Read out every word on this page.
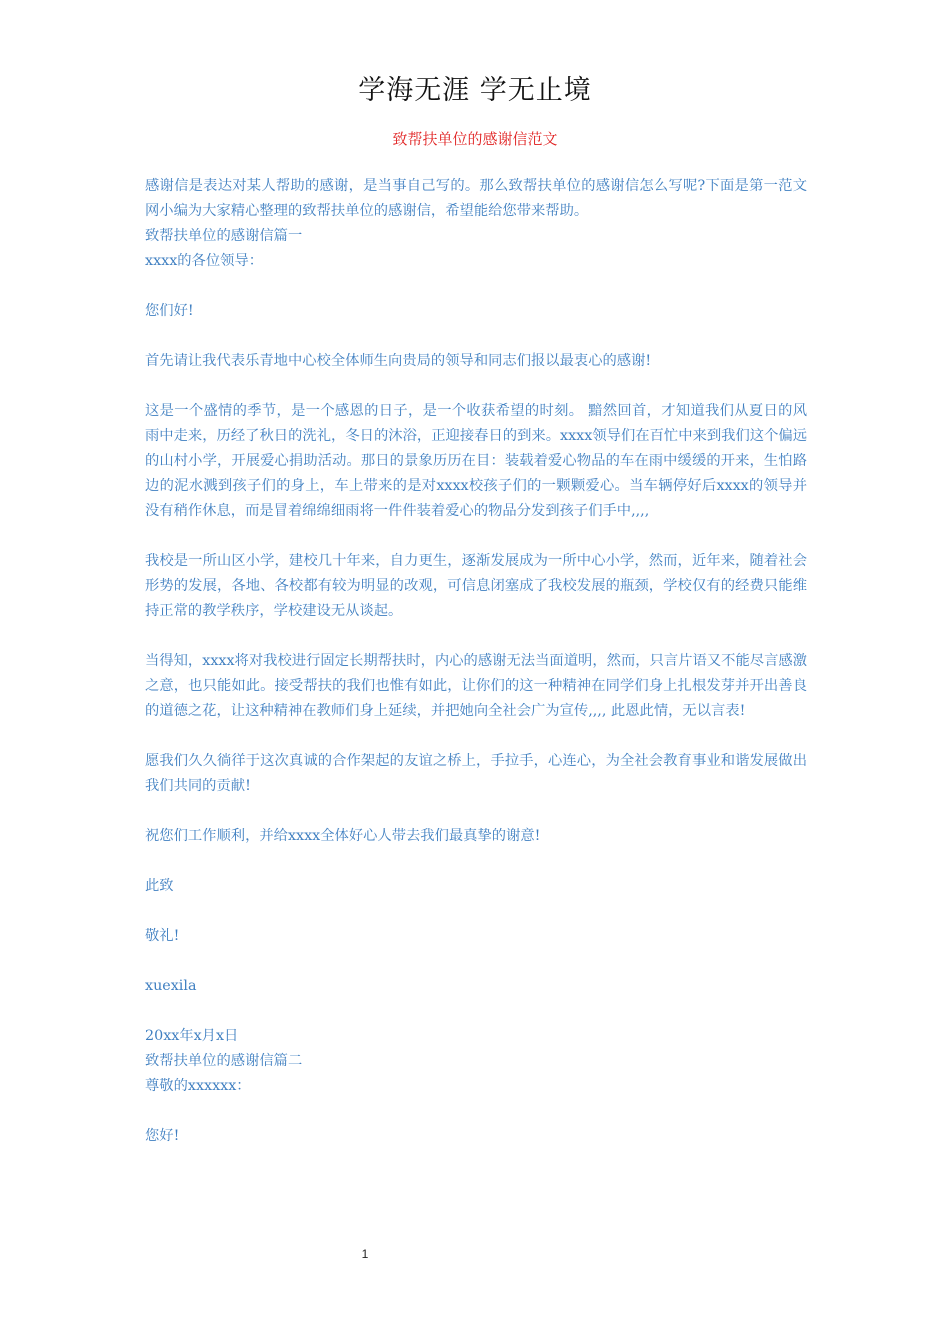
学海无涯 学无止境
致帮扶单位的感谢信范文

感谢信是表达对某人帮助的感谢，是当事自己写的。那么致帮扶单位的感谢信怎么写呢?下面是第一范文网小编为大家精心整理的致帮扶单位的感谢信，希望能给您带来帮助。

致帮扶单位的感谢信篇一

xxxx的各位领导：

您们好!

首先请让我代表乐青地中心校全体师生向贵局的领导和同志们报以最衷心的感谢!

这是一个盛情的季节，是一个感恩的日子，是一个收获希望的时刻。 黯然回首，才知道我们从夏日的风雨中走来，历经了秋日的洗礼，冬日的沐浴，正迎接春日的到来。xxxx领导们在百忙中来到我们这个偏远的山村小学，开展爱心捐助活动。那日的景象历历在目：装载着爱心物品的车在雨中缓缓的开来，生怕路边的泥水溅到孩子们的身上，车上带来的是对xxxx校孩子们的一颗颗爱心。当车辆停好后xxxx的领导并没有稍作休息，而是冒着绵绵细雨将一件件装着爱心的物品分发到孩子们手中,,,,

我校是一所山区小学，建校几十年来，自力更生，逐渐发展成为一所中心小学，然而，近年来，随着社会形势的发展，各地、各校都有较为明显的改观，可信息闭塞成了我校发展的瓶颈，学校仅有的经费只能维持正常的教学秩序，学校建设无从谈起。

当得知，xxxx将对我校进行固定长期帮扶时，内心的感谢无法当面道明，然而，只言片语又不能尽言感激之意，也只能如此。接受帮扶的我们也惟有如此，让你们的这一种精神在同学们身上扎根发芽并开出善良的道德之花，让这种精神在教师们身上延续，并把她向全社会广为宣传,,,, 此恩此情，无以言表!

愿我们久久徜徉于这次真诚的合作架起的友谊之桥上，手拉手，心连心，为全社会教育事业和谐发展做出我们共同的贡献!

祝您们工作顺利，并给xxxx全体好心人带去我们最真挚的谢意!

此致

敬礼!

xuexila

20xx年x月x日

致帮扶单位的感谢信篇二

尊敬的xxxxxx：

您好!

1
